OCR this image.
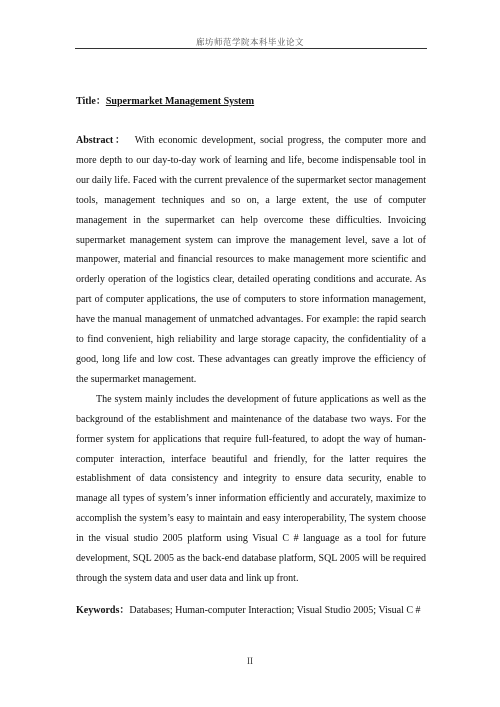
廊坊师范学院本科毕业论文

Title：Supermarket Management System

Abstract： With economic development, social progress, the computer more and more depth to our day-to-day work of learning and life, become indispensable tool in our daily life. Faced with the current prevalence of the supermarket sector management tools, management techniques and so on, a large extent, the use of computer management in the supermarket can help overcome these difficulties. Invoicing supermarket management system can improve the management level, save a lot of manpower, material and financial resources to make management more scientific and orderly operation of the logistics clear, detailed operating conditions and accurate. As part of computer applications, the use of computers to store information management, have the manual management of unmatched advantages. For example: the rapid search to find convenient, high reliability and large storage capacity, the confidentiality of a good, long life and low cost. These advantages can greatly improve the efficiency of the supermarket management.

The system mainly includes the development of future applications as well as the background of the establishment and maintenance of the database two ways. For the former system for applications that require full-featured, to adopt the way of human-computer interaction, interface beautiful and friendly, for the latter requires the establishment of data consistency and integrity to ensure data security, enable to manage all types of system’s inner information efficiently and accurately, maximize to accomplish the system’s easy to maintain and easy interoperability, The system choose in the visual studio 2005 platform using Visual C # language as a tool for future development, SQL 2005 as the back-end database platform, SQL 2005 will be required through the system data and user data and link up front.

Keywords：Databases; Human-computer Interaction; Visual Studio 2005; Visual C #

II
